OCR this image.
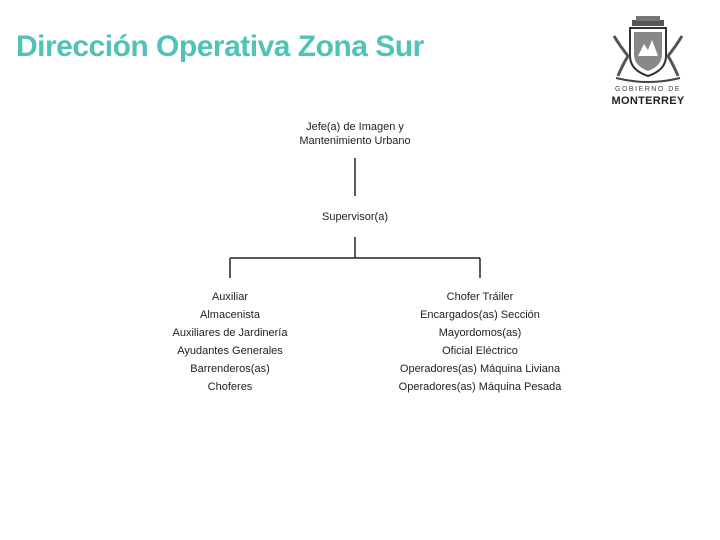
Dirección Operativa Zona Sur
GOBIERNO DE
MONTERREY
Jefe(a) de Imagen y Mantenimiento Urbano
Supervisor(a)
Auxiliar
Almacenista
Auxiliares de Jardinería
Ayudantes Generales
Barrenderos(as)
Choferes
Chofer Tráiler
Encargados(as) Sección
Mayordomos(as)
Oficial Eléctrico
Operadores(as) Máquina Liviana
Operadores(as) Máquina Pesada
